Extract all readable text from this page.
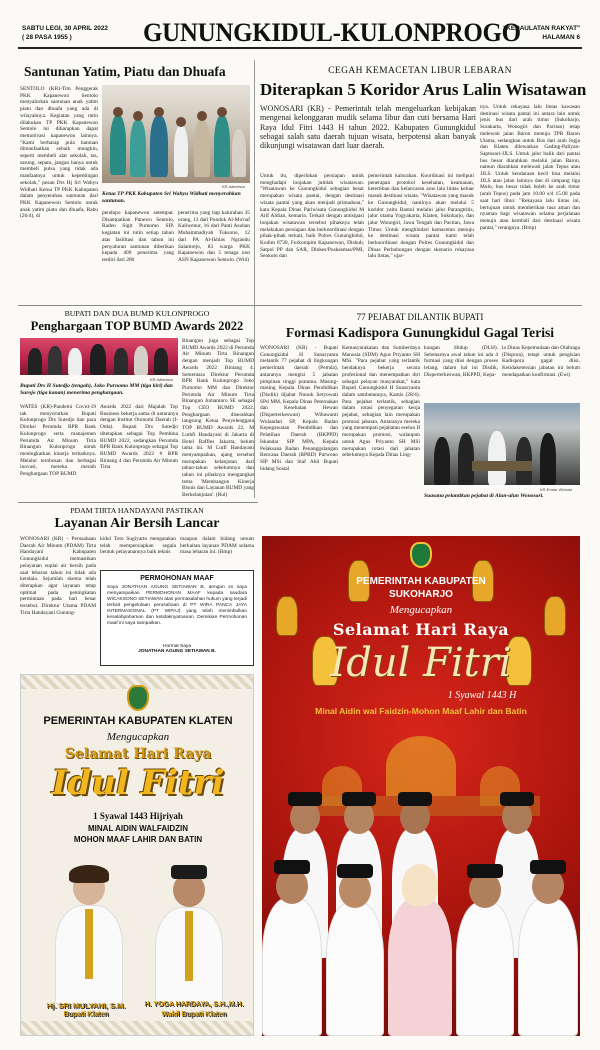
SABTU LEGI, 30 APRIL 2022
( 28 PASA 1955 )	GUNUNGKIDUL-KULONPROGO
"KEDAULATAN RAKYAT"
HALAMAN 6
Santunan Yatim, Piatu dan Dhuafa
SENTOLO (KR)-Tim Penggerak PKK Kapanewon Sentolo menyalurkan santunan anak yatim piatu dan dhuafa yang ada di wilayahnya. Kegiatan yang rutin dilakukan TP PKK Kapanewon Sentolo ini diharapkan dapat memotivasi kapanewon lainnya. "Kami berharap pula bantuan dimanfaatkan sebaik mungkin, seperti membeli alat sekolah, tas, sarung, sepatu, jangan hanya untuk membeli pulsa yang tidak ada manfaatnya untuk kepentingan sekolah," pesan Drs Hj Sri Wahyu Widhati Ketua TP PKK Kabupaten dalam penyerahan santunan dari PKK Kapanewon Sentolo untuk anak yatim piatu dan dhuafa, Rabu (26/4), di
KR-Istimewa
Ketua TP PKK Kabupaten Sri Wahyu Widhati menyerahkan santunan.
pendopo kapanewon setempat. Disampaikan Panewu Sentolo, Raden Sigit Purnomo SIP, kegiatan ini rutin setiap tahun atas fasilitasi dan tahun ini penyaluran santunan diberikan kepada 409 penerima yang terdiri dari 280
penerima yang tiap kalurahan 35 orang, 13 dari Pondok Al-Mu'naf Kaliwenur, 16 dari Panti Asuhan Muhammadiyah Tuksono, 12 dari PA Al-Ikhlas Ngrandu Salamrejo, 83 warga PKK Kapanewon dan 5 tenaga non ASN Kapanewon Sentolo. (Wid)
CEGAH KEMACETAN LIBUR LEBARAN
Diterapkan 5 Koridor Arus Lalin Wisatawan
WONOSARI (KR) - Pemerintah telah mengeluarkan kebijakan mengenai kelonggaran mudik selama libur dan cuti bersama Hari Raya Idul Fitri 1443 H tahun 2022. Kabupaten Gunungkidul sebagai salah satu daerah tujuan wisata, berpotensi akan banyak dikunjungi wisatawan dari luar daerah.
Untuk itu, diperlukan persiapan untuk menghadapi lonjakan jumlah wisatawan. "Wisatawan ke Gunungkidul sebagian besar merupakan wisata pantai, dengan destinasi wisata pantai yang akan menjadi primadona," kata Kepala Dinas Pariwisata Gunungkidul M Arif Aldian, kemarin. Terkait dengan antisipasi lonjakan wisatawan tersebut pihaknya telah melakukan persiapan dan berkoordinasi dengan pihak-pihak terkait, baik Polres Gunungkidul, Kodim 0730, Forkompim Kapanewon, Dishub, Satpol PP dan SAR, Dinkes/Puskesmas/PMI, Senkom dan
pemerintah kalurahan. Koordinasi ini meliputi penerapan protokol kesehatan, keamanan, ketertiban dan kelancaran arus lalu lintas keluar masuk destinasi wisata. "Wisatawan yang masuk ke Gunungkidul, nantinya akan melalui 5 koridor yaitu Bantul melalui jalur Parangtritis, jalur utama Yogyakarta, Klaten, Sukoharjo, dan jalur Wonogiri, Jawa Tengah dan Pacitan, Jawa Timur. Untuk menghindari kemacetan menuju ke destinasi wisata pantai kami telah berkoordinasi dengan Polres Gunungkidul dan Dinas Perhubungan dengan skenario rekayasa lalu lintas," ujar-
nya. Untuk rekayasa lalu lintas kawasan destinasi wisata pantai ini antara lain untuk jenis bus dari arah timur (Sukoharjo, Surakarta, Wonogiri dan Pacitan) tetap melewati jalan Baron menuju TPR Baron Utama, sedangkan untuk Bus dari arah Jogja dan Klaten dilewatkan Gading-Paliyan-Saptosari-JJLS. Untuk jalur balik dari pantai bus besar diarahkan melalui jalan Baron, namun diarahkan melewati jalan Tepus atau JJLS. Untuk kendaraan kecil bisa melalui JJLS atau jalan lainnya dan di simpang tiga Mulo, bus besar tidak boleh ke arah timur (arah Tepus) pada jam 10.00 s/d 15.00 pada saat hari libur. "Rekayasa lalu lintas ini, bertujuan untuk memberikan rasa aman dan nyaman bagi wisatawan selama perjalanan menuju atau kembali dari destinasi wisata pantai," terangnya. (Bmp)
BUPATI DAN DUA BUMD KULONPROGO
Penghargaan TOP BUMD Awards 2022
KR-Istimewa
Bupati Drs H Sutedjo (tengah), Joko Purnomo MM (tiga kiri) dan Surojo (tiga kanan) menerima penghargaan.
Binangun juga sebagai Top BUMD Awards 2022 di Perumda Air Minum Tirta Binangun dengan menjadi Top BUMD Awards 2022 Bintang 4. Sementara Direktur Perumda BPR Bank Kulonprogo Joko Purnomo MM dan Direktur Perumda Air Minum Tirta Binangun Jumantoro SE sebagai Top CEO BUMD 2022. Penghargaan diserahkan langsung Ketua Penyelenggara TOP BUMD Awards 22, M Luthfi Handayani di Jakarta di Hotel Raffles Jakarta, belum lama ini. M Lutfi Handayani menyampaikan, ajang tersebut merupakan kelanjutan dari tahun-tahun sebelumnya dan tahun ini pihaknya mengangkat tema 'Membangun Kinerja Bisnis dan Layanan BUMD yang Berkelanjutan'. (Rul)
WATES (KR)-Pandemi Covid-19 tak menyurutkan Bupati Kulonprogo Drs Sutedjo dan para Direksi Perumda BPR Bank Kulonprogo serta manajemen Perumda Air Minum Tirta Binangun Kulonprogo untuk meningkatkan kinerja terbaiknya. Melalui terobosan dan berbagai inovasi, mereka meraih Penghargaan TOP BUMD
Awards 2022 dari Majalah Top Business bekerja sama di antaranya dengan Institut Otonomi Daerah (I-Otda). Bupati Drs Sutedjo ditetapkan sebagai Top Pembina BUMD 2022, sedangkan Perumda BPR Bank Kulonprogo sebagai Top BUMD Awards 2022 # BPR Bintang 4 dan Perumda Air Minum Tirta
77 PEJABAT DILANTIK BUPATI
Formasi Kadispora Gunungkidul Gagal Terisi
WONOSARI (KR) - Bupati Gunungkidul H Sunaryanta melantik 77 pejabat di lingkungan pemerintah daerah (Pemda), antaranya mengisi 5 jabatan pimpinan tinggi pratama. Masing-masing Kepala Dinas Pendidikan (Disdik) dijabat Nunuk Setyowati SPd MM, Kepala Dinas Peternakan dan Kesehatan Hewan (Disperterkeswan) Wibawanti Wulandari SP, Kepala Badan Kepegawaian Pendidikan dan Pelatihan Daerah (BKPPD) Iskandar SIP MPA, Kepala Pelaksana Badan Penanggulangan Bencana Daerah (BPBD) Purwono SIP MSi dan Staf Ahli Bupati bidang Sosial
Kemasyarakatan dan Sumberdaya Manusia (SDM) Agus Priyanto SH MSi. "Para pejabat yang terlantik hendaknya bekerja secara profesional dan menempatkan diri sebagai pelayan masyarakat," kata Bupati Gunungkidul H Sunaryanta dalam sambutannya, Kamis (28/4). Para pejabat terlantik, sebagian dalam rotasi penyegaran keoja pejabat, sebagian lain merupakan promosi jabatan. Antaranya mereka yang menempati pejabatan eselon II merupakan promosi, walaupun untuk Agus Priyanto SH MSi merupakan rotasi dari jabatan sebelumnya Kepala Dinas Ling-
kungan Hidup (DLH). Sebenarnya awal tahun ini ada 4 formasi yang diisi dengan proses lelang, dalam hal ini Disdik, Disperterkeswan, BKPPD, Kepa-
la Dinas Kepemudaan dan Olahraga (Dispora), tetapi untuk pengisian Kadispora gagal diisi. Ketidaketersian jabatan ini belum mendapatkan konfirmasi. (Ewi)
KR-Endar Widodo
Suasana pelantikan pejabat di Alun-alun Wonosari.
PDAM TIRTA HANDAYANI PASTIKAN
Layanan Air Bersih Lancar
WONOSARI (KR) - Perusahaan Daerah Air Minum (PDAM) Tirta Handayani Kabupaten Gunungkidul memastikan pelayanan suplai air bersih pada saat lebaran tahun ini tidak ada kendala. Sejumlah skema telah diterapkan agar layanan tetap optimal pada peningkatan permintaan pada hari besar tersebut. Direktur Utama PDAM Tirta Handayani Gunung-
kidul Toto Sugiyarto mengatakan telah mempersiapkan segala bentuk pelayanannya baik teknis
maupun dalam bidang umum berkaitan layanan PDAM selama masa lebaran ini. (Bmp)
PERMOHONAN MAAF
Saya JONATHAN AGUNG SETIAWAN B, dengan ini saya menyampaikan PERMOHONAN MAAF kepada saudara WICAKSONO SETIAWAN atas permasalahan hukum yang terjadi terkait pengelolaan perusahaan di PT WIRA PANCA JAYA INTERNASIONAL (PT WIPAJ) yang telah menimbulkan kesalahpahaman dan ketidaknyamanan. Demikian Permohonan maaf ini saya sampaikan.
Hormat Saya
JONATHAN AGUNG SETIAWAN B.
PEMERINTAH KABUPATEN KLATEN
Mengucapkan
Selamat Hari Raya
Idul Fitri
1 Syawal 1443 Hijriyah
MINAL AIDIN WALFAIDZIN
MOHON MAAF LAHIR DAN BATIN
Hj. SRI MULYANI, S.M.
Bupati Klaten
H. YOGA HARDAYA, S.H.,M.H.
Wakil Bupati Klaten
PEMERINTAH KABUPATEN
SUKOHARJO
Mengucapkan
Selamat Hari Raya
Idul Fitri
1 Syawal 1443 H
Minal Aidin wal Faidzin-Mohon Maaf Lahir dan Batin
